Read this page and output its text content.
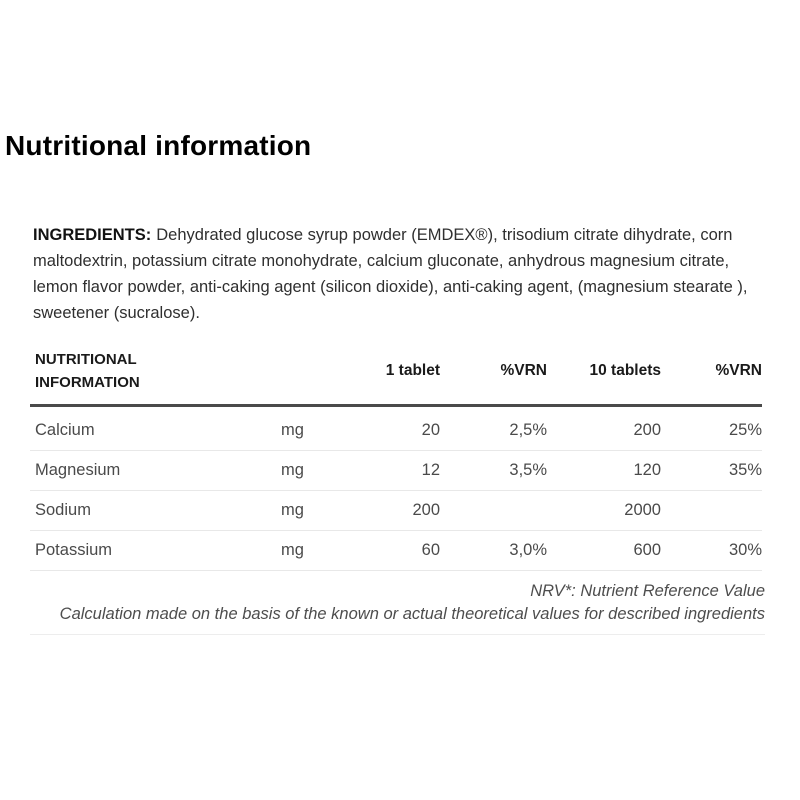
Nutritional information

INGREDIENTS: Dehydrated glucose syrup powder (EMDEX®), trisodium citrate dihydrate, corn maltodextrin, potassium citrate monohydrate, calcium gluconate, anhydrous magnesium citrate, lemon flavor powder, anti-caking agent (silicon dioxide), anti-caking agent, (magnesium stearate ), sweetener (sucralose).

NUTRITIONAL
INFORMATION		1 tablet	%VRN	10 tablets	%VRN
Calcium	mg	20	2,5%	200	25%
Magnesium	mg	12	3,5%	120	35%
Sodium	mg	200		2000	
Potassium	mg	60	3,0%	600	30%
NRV*: Nutrient Reference Value
Calculation made on the basis of the known or actual theoretical values for described ingredients
